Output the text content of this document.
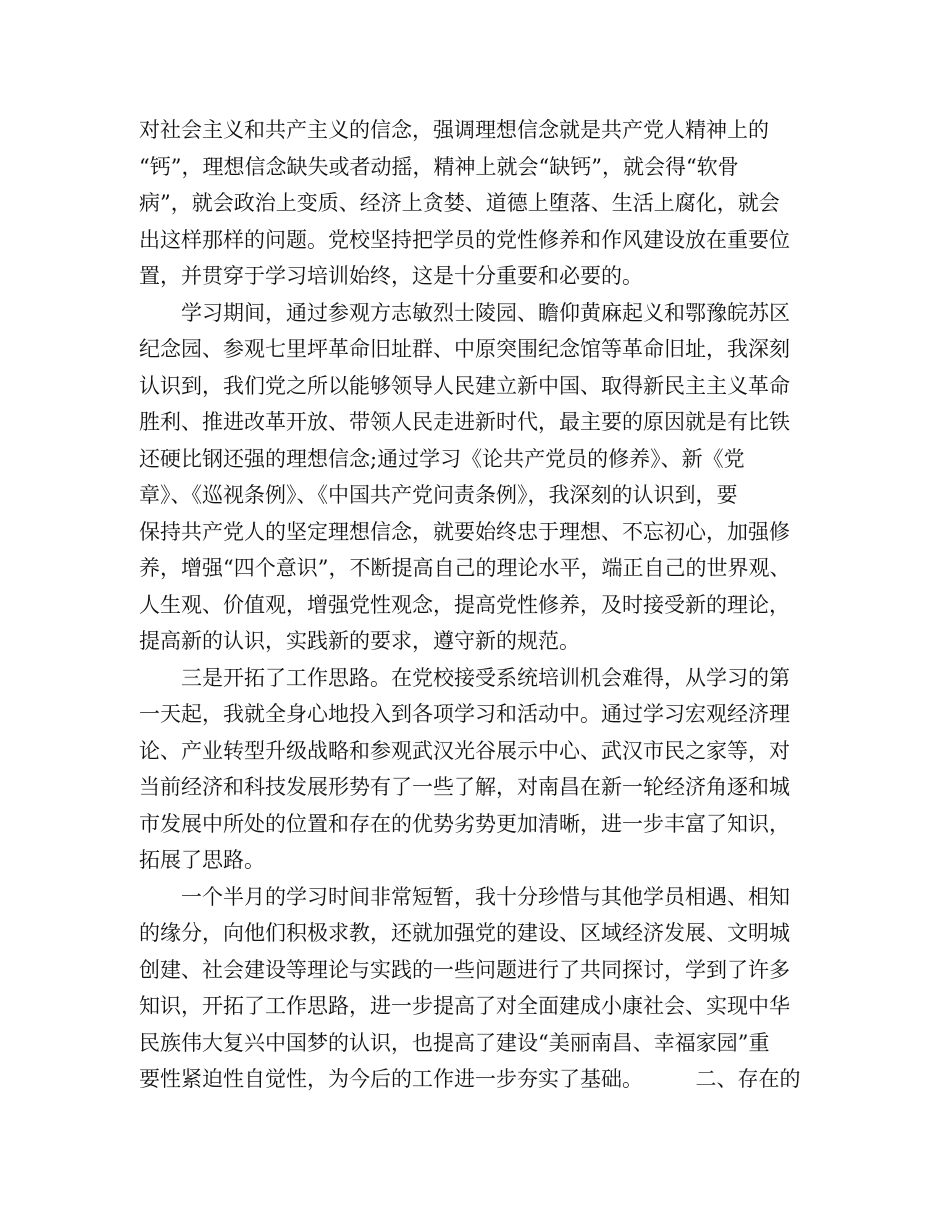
对社会主义和共产主义的信念，强调理想信念就是共产党人精神上的
“钙”，理想信念缺失或者动摇，精神上就会“缺钙”，就会得“软骨
病”，就会政治上变质、经济上贪婪、道德上堕落、生活上腐化，就会
出这样那样的问题。党校坚持把学员的党性修养和作风建设放在重要位
置，并贯穿于学习培训始终，这是十分重要和必要的。
　　学习期间，通过参观方志敏烈士陵园、瞻仰黄麻起义和鄂豫皖苏区
纪念园、参观七里坪革命旧址群、中原突围纪念馆等革命旧址，我深刻
认识到，我们党之所以能够领导人民建立新中国、取得新民主主义革命
胜利、推进改革开放、带领人民走进新时代，最主要的原因就是有比铁
还硬比钢还强的理想信念;通过学习《论共产党员的修养》、新《党
章》、《巡视条例》、《中国共产党问责条例》，我深刻的认识到，要
保持共产党人的坚定理想信念，就要始终忠于理想、不忘初心，加强修
养，增强“四个意识”，不断提高自己的理论水平，端正自己的世界观、
人生观、价值观，增强党性观念，提高党性修养，及时接受新的理论，
提高新的认识，实践新的要求，遵守新的规范。
　　三是开拓了工作思路。在党校接受系统培训机会难得，从学习的第
一天起，我就全身心地投入到各项学习和活动中。通过学习宏观经济理
论、产业转型升级战略和参观武汉光谷展示中心、武汉市民之家等，对
当前经济和科技发展形势有了一些了解，对南昌在新一轮经济角逐和城
市发展中所处的位置和存在的优势劣势更加清晰，进一步丰富了知识，
拓展了思路。
　　一个半月的学习时间非常短暂，我十分珍惜与其他学员相遇、相知
的缘分，向他们积极求教，还就加强党的建设、区域经济发展、文明城
创建、社会建设等理论与实践的一些问题进行了共同探讨，学到了许多
知识，开拓了工作思路，进一步提高了对全面建成小康社会、实现中华
民族伟大复兴中国梦的认识，也提高了建设“美丽南昌、幸福家园”重
要性紧迫性自觉性，为今后的工作进一步夯实了基础。　　　二、存在的
